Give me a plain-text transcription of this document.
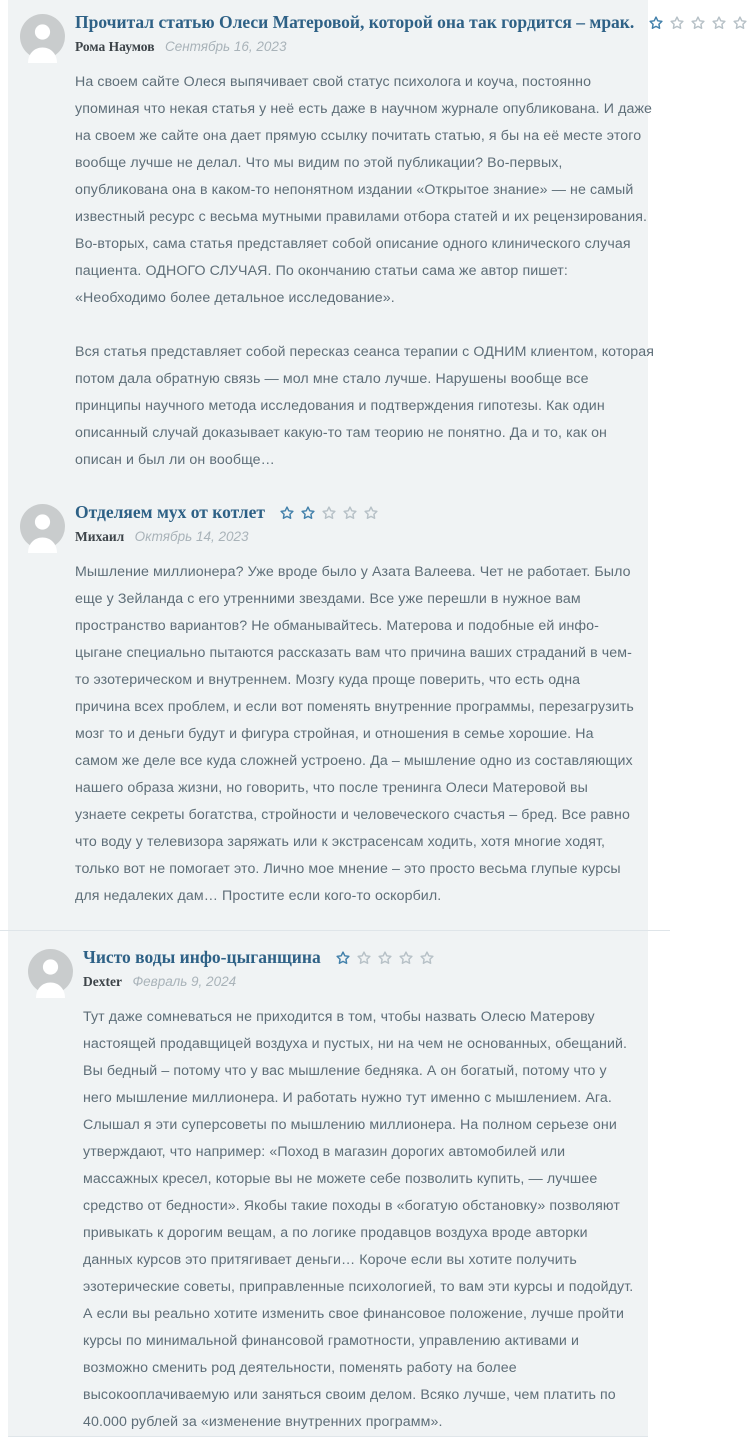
Прочитал статью Олеси Матеровой, которой она так гордится – мрак.
Рома Наумов Сентябрь 16, 2023

На своем сайте Олеся выпячивает свой статус психолога и коуча, постоянно упоминая что некая статья у неё есть даже в научном журнале опубликована. И даже на своем же сайте она дает прямую ссылку почитать статью, я бы на её месте этого вообще лучше не делал. Что мы видим по этой публикации? Во-первых, опубликована она в каком-то непонятном издании «Открытое знание» — не самый известный ресурс с весьма мутными правилами отбора статей и их рецензирования. Во-вторых, сама статья представляет собой описание одного клинического случая пациента. ОДНОГО СЛУЧАЯ. По окончанию статьи сама же автор пишет: «Необходимо более детальное исследование».

Вся статья представляет собой пересказ сеанса терапии с ОДНИМ клиентом, которая потом дала обратную связь — мол мне стало лучше. Нарушены вообще все принципы научного метода исследования и подтверждения гипотезы. Как один описанный случай доказывает какую-то там теорию не понятно. Да и то, как он описан и был ли он вообще…

Отделяем мух от котлет
Михаил Октябрь 14, 2023

Мышление миллионера? Уже вроде было у Азата Валеева. Чет не работает. Было еще у Зейланда с его утренними звездами. Все уже перешли в нужное вам пространство вариантов? Не обманывайтесь. Матерова и подобные ей инфо-цыгане специально пытаются рассказать вам что причина ваших страданий в чем-то эзотерическом и внутреннем. Мозгу куда проще поверить, что есть одна причина всех проблем, и если вот поменять внутренние программы, перезагрузить мозг то и деньги будут и фигура стройная, и отношения в семье хорошие. На самом же деле все куда сложней устроено. Да – мышление одно из составляющих нашего образа жизни, но говорить, что после тренинга Олеси Матеровой вы узнаете секреты богатства, стройности и человеческого счастья – бред. Все равно что воду у телевизора заряжать или к экстрасенсам ходить, хотя многие ходят, только вот не помогает это. Лично мое мнение – это просто весьма глупые курсы для недалеких дам… Простите если кого-то оскорбил.

Чисто воды инфо-цыганщина
Dexter Февраль 9, 2024

Тут даже сомневаться не приходится в том, чтобы назвать Олесю Матерову настоящей продавщицей воздуха и пустых, ни на чем не основанных, обещаний. Вы бедный – потому что у вас мышление бедняка. А он богатый, потому что у него мышление миллионера. И работать нужно тут именно с мышлением. Ага. Слышал я эти суперсоветы по мышлению миллионера. На полном серьезе они утверждают, что например: «Поход в магазин дорогих автомобилей или массажных кресел, которые вы не можете себе позволить купить, — лучшее средство от бедности». Якобы такие походы в «богатую обстановку» позволяют привыкать к дорогим вещам, а по логике продавцов воздуха вроде авторки данных курсов это притягивает деньги… Короче если вы хотите получить эзотерические советы, приправленные психологией, то вам эти курсы и подойдут. А если вы реально хотите изменить свое финансовое положение, лучше пройти курсы по минимальной финансовой грамотности, управлению активами и возможно сменить род деятельности, поменять работу на более высокооплачиваемую или заняться своим делом. Всяко лучше, чем платить по 40.000 рублей за «изменение внутренних программ».
